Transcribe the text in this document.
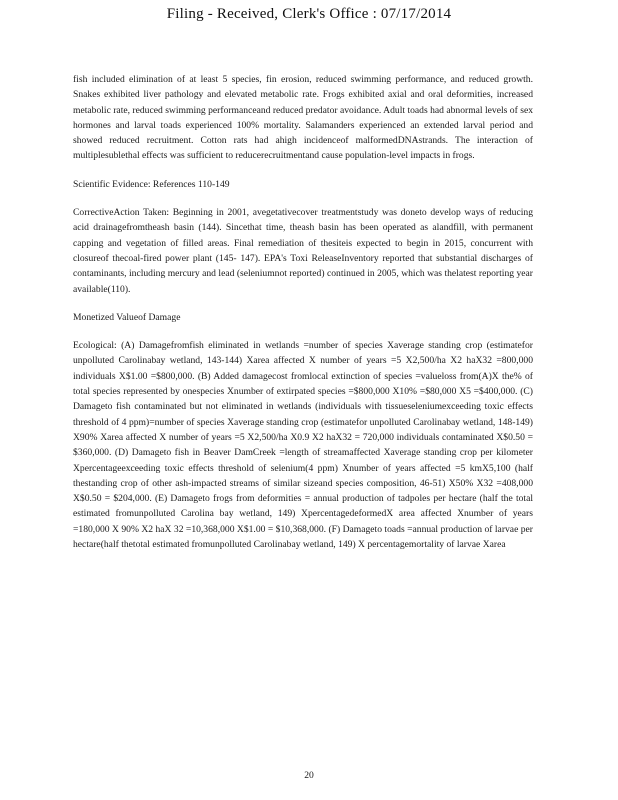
Filing - Received, Clerk's Office : 07/17/2014

fish included elimination of at least 5 species, fin erosion, reduced swimming performance, and reduced growth. Snakes exhibited liver pathology and elevated metabolic rate. Frogs exhibited axial and oral deformities, increased metabolic rate, reduced swimming performanceand reduced predator avoidance. Adult toads had abnormal levels of sex hormones and larval toads experienced 100% mortality. Salamanders experienced an extended larval period and showed reduced recruitment. Cotton rats had ahigh incidenceof malformedDNAstrands. The interaction of multiplesublethal effects was sufficient to reducerecruitmentand cause population-level impacts in frogs.

Scientific Evidence: References 110-149

CorrectiveAction Taken: Beginning in 2001, avegetativecover treatmentstudy was doneto develop ways of reducing acid drainagefromtheash basin (144). Sincethat time, theash basin has been operated as alandfill, with permanent capping and vegetation of filled areas. Final remediation of thesiteis expected to begin in 2015, concurrent with closureof thecoal-fired power plant (145- 147). EPA's Toxi ReleaseInventory reported that substantial discharges of contaminants, including mercury and lead (seleniumnot reported) continued in 2005, which was thelatest reporting year available(110).

Monetized Valueof Damage

Ecological: (A) Damagefromfish eliminated in wetlands =number of species Xaverage standing crop (estimatefor unpolluted Carolinabay wetland, 143-144) Xarea affected X number of years =5 X2,500/ha X2 haX32 =800,000 individuals X$1.00 =$800,000. (B) Added damagecost fromlocal extinction of species =valueloss from(A)X the% of total species represented by onespecies Xnumber of extirpated species =$800,000 X10% =$80,000 X5 =$400,000. (C) Damageto fish contaminated but not eliminated in wetlands (individuals with tissueseleniumexceeding toxic effects threshold of 4 ppm)=number of species Xaverage standing crop (estimatefor unpolluted Carolinabay wetland, 148-149) X90% Xarea affected X number of years =5 X2,500/ha X0.9 X2 haX32 = 720,000 individuals contaminated X$0.50 = $360,000. (D) Damageto fish in Beaver DamCreek =length of streamaffected Xaverage standing crop per kilometer Xpercentageexceeding toxic effects threshold of selenium(4 ppm) Xnumber of years affected =5 kmX5,100 (half thestanding crop of other ash-impacted streams of similar sizeand species composition, 46-51) X50% X32 =408,000 X$0.50 = $204,000. (E) Damageto frogs from deformities = annual production of tadpoles per hectare (half the total estimated fromunpolluted Carolina bay wetland, 149) XpercentagedeformedX area affected Xnumber of years =180,000 X 90% X2 haX 32 =10,368,000 X$1.00 = $10,368,000. (F) Damageto toads =annual production of larvae per hectare(half thetotal estimated fromunpolluted Carolinabay wetland, 149) X percentagemortality of larvae Xarea

20
